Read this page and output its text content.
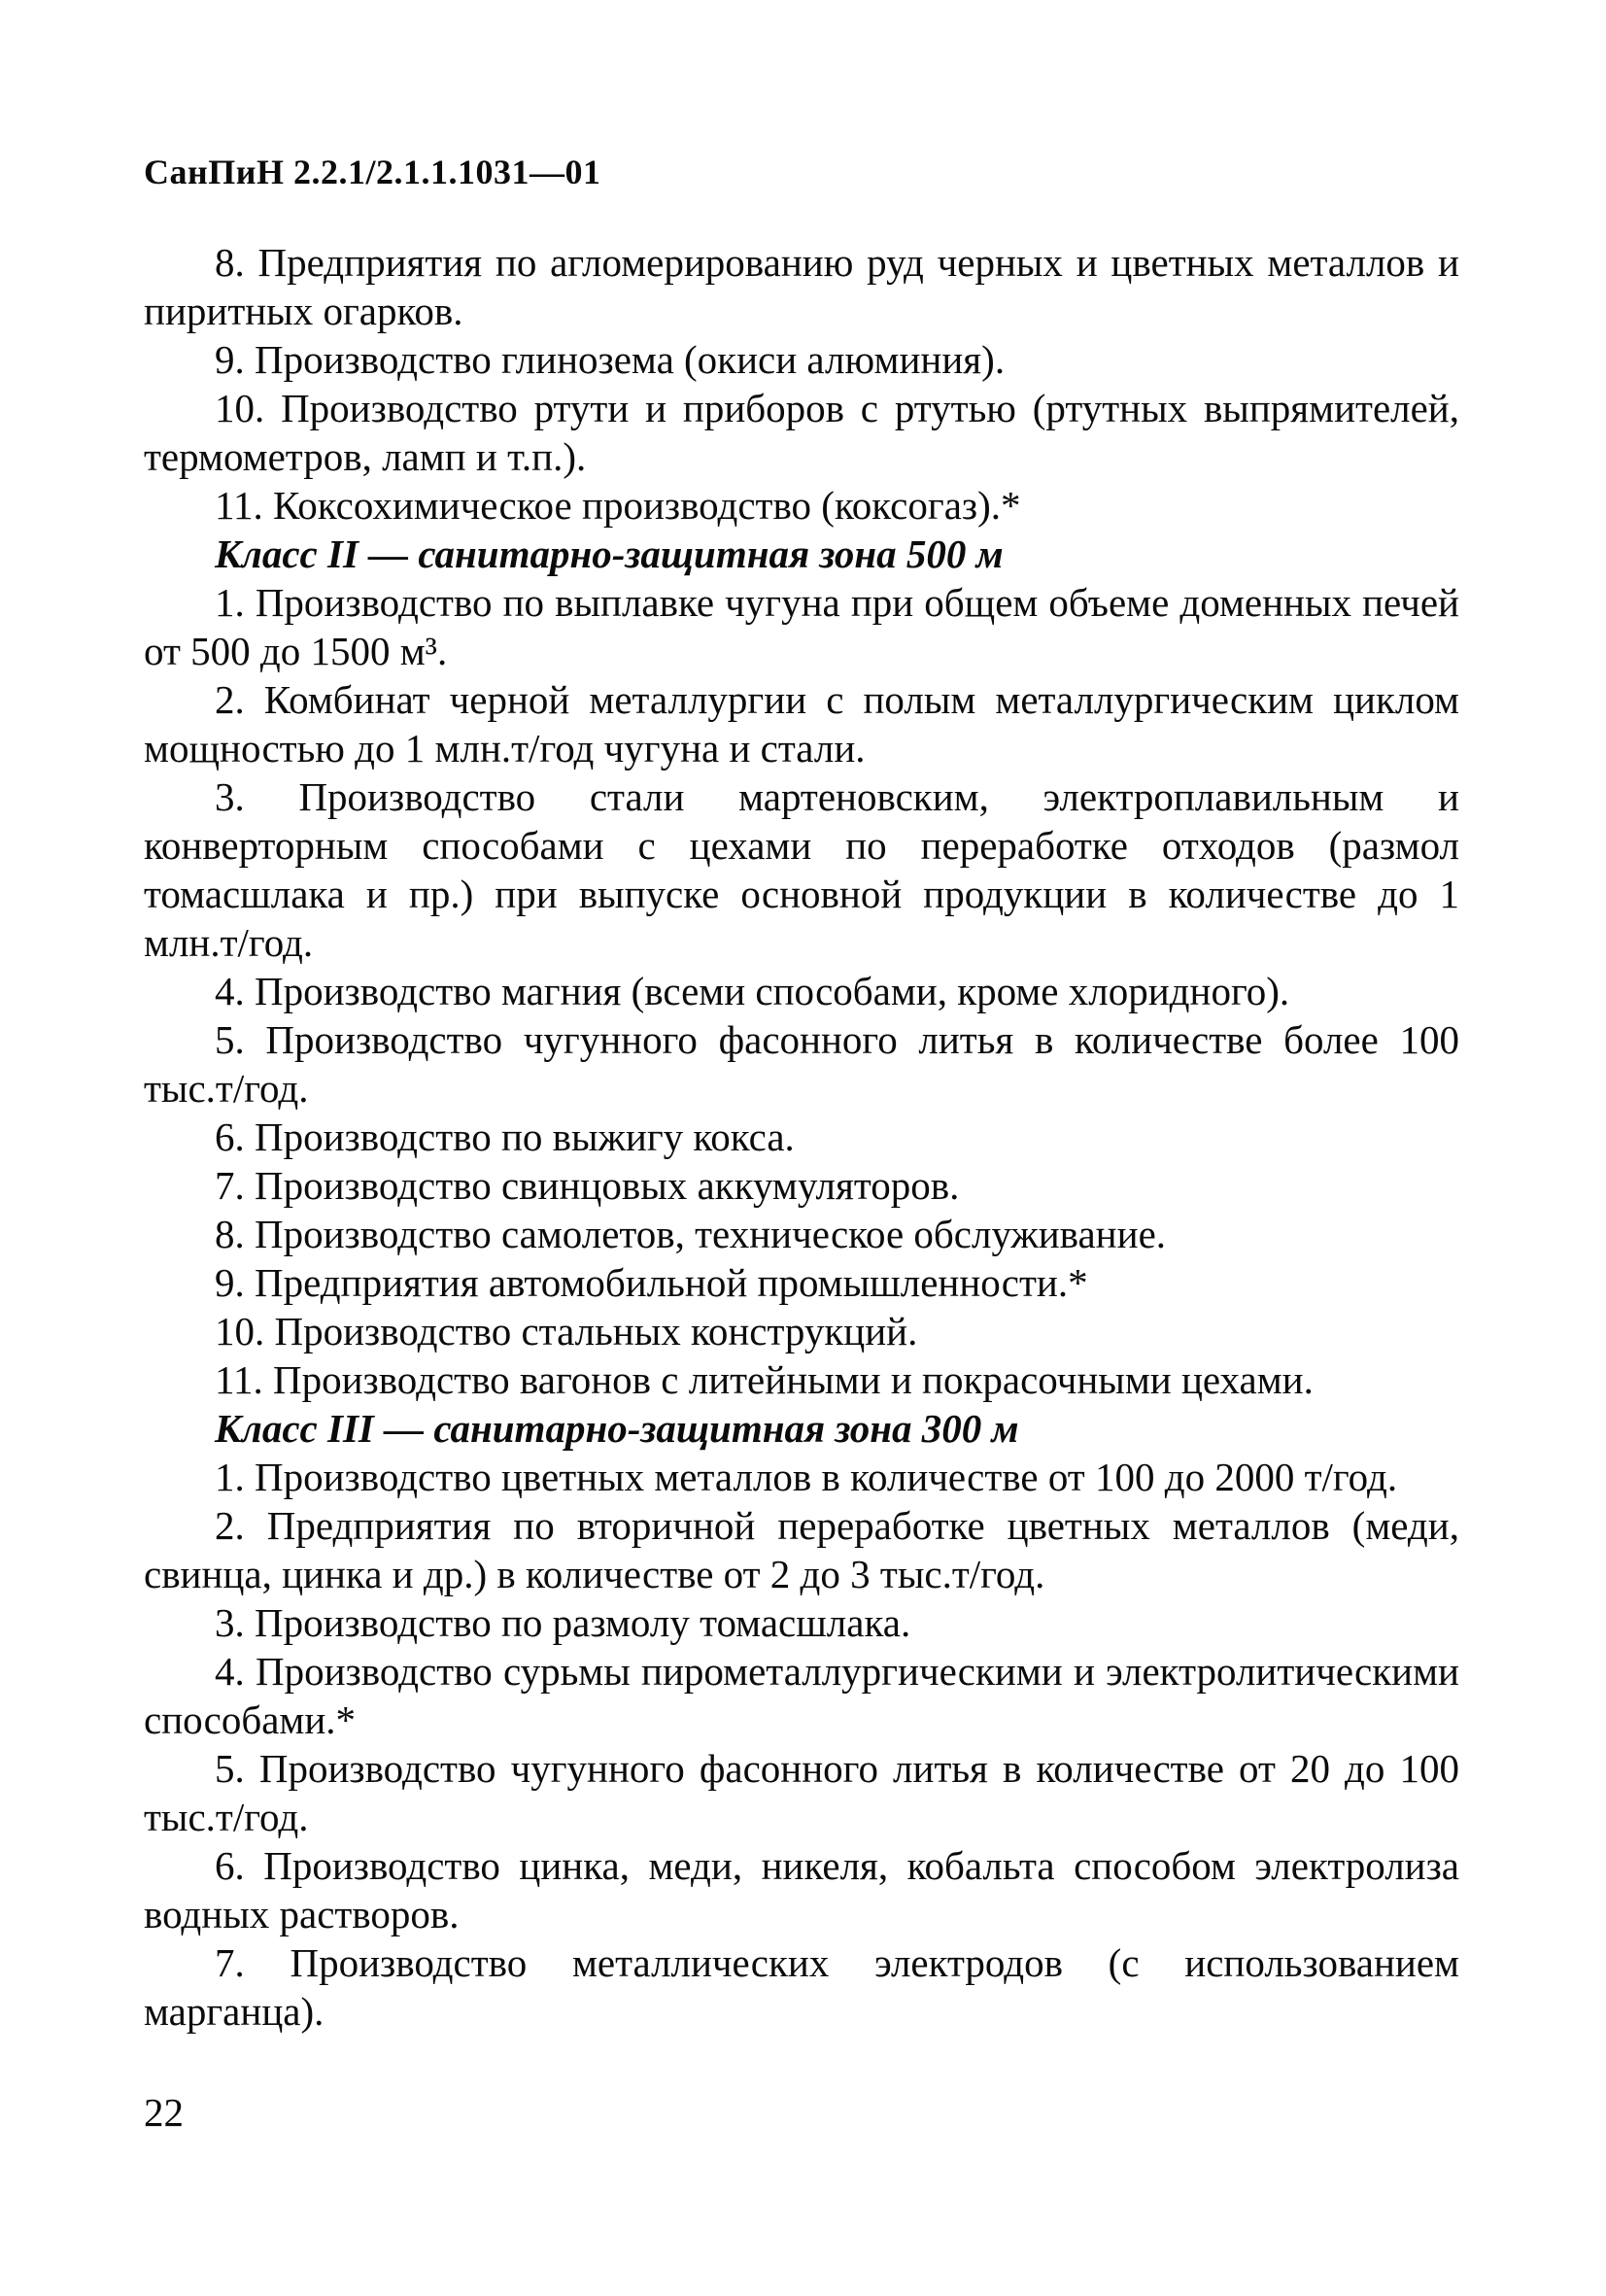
СанПиН 2.2.1/2.1.1.1031—01

8. Предприятия по агломерированию руд черных и цветных металлов и пиритных огарков.

9. Производство глинозема (окиси алюминия).

10. Производство ртути и приборов с ртутью (ртутных выпрямителей, термометров, ламп и т.п.).

11. Коксохимическое производство (коксогаз).*

Класс II — санитарно-защитная зона 500 м

1. Производство по выплавке чугуна при общем объеме доменных печей от 500 до 1500 м³.

2. Комбинат черной металлургии с полым металлургическим циклом мощностью до 1 млн.т/год чугуна и стали.

3. Производство стали мартеновским, электроплавильным и конверторным способами с цехами по переработке отходов (размол томасшлака и пр.) при выпуске основной продукции в количестве до 1 млн.т/год.

4. Производство магния (всеми способами, кроме хлоридного).

5. Производство чугунного фасонного литья в количестве более 100 тыс.т/год.

6. Производство по выжигу кокса.

7. Производство свинцовых аккумуляторов.

8. Производство самолетов, техническое обслуживание.

9. Предприятия автомобильной промышленности.*

10. Производство стальных конструкций.

11. Производство вагонов с литейными и покрасочными цехами.

Класс III — санитарно-защитная зона 300 м

1. Производство цветных металлов в количестве от 100 до 2000 т/год.

2. Предприятия по вторичной переработке цветных металлов (меди, свинца, цинка и др.) в количестве от 2 до 3 тыс.т/год.

3. Производство по размолу томасшлака.

4. Производство сурьмы пирометаллургическими и электролитическими способами.*

5. Производство чугунного фасонного литья в количестве от 20 до 100 тыс.т/год.

6. Производство цинка, меди, никеля, кобальта способом электролиза водных растворов.

7. Производство металлических электродов (с использованием марганца).

22
